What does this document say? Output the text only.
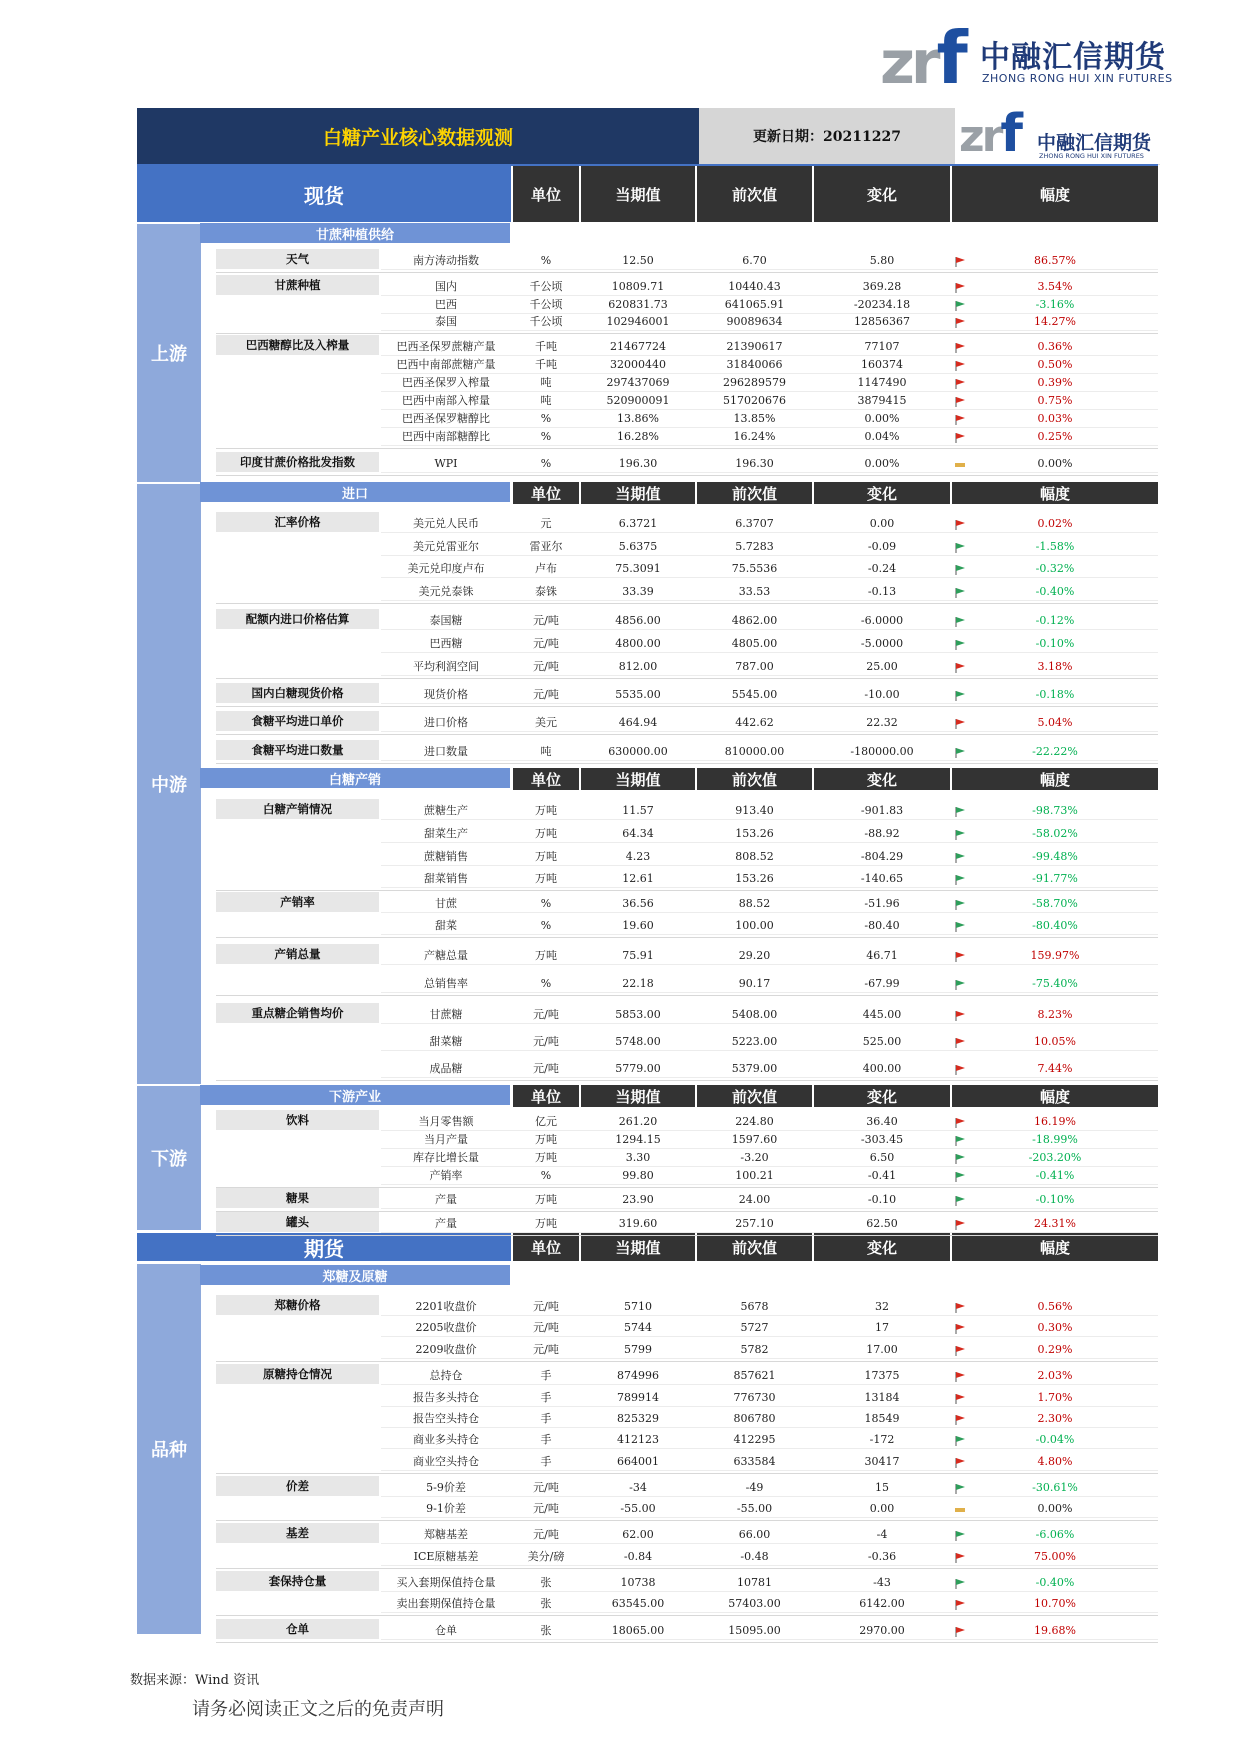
zrf 中融汇信期货
ZHONG RONG HUI XIN FUTURES
白糖产业核心数据观测	更新日期：20211227	zrf 中融汇信期货
ZHONG RONG HUI XIN FUTURES
现货	单位	当期值	前次值	变化	幅度
上游
中游
下游
品种
期货	单位	当期值	前次值	变化	幅度
甘蔗种植供给
进口	单位	当期值	前次值	变化	幅度
白糖产销	单位	当期值	前次值	变化	幅度
下游产业	单位	当期值	前次值	变化	幅度
郑糖及原糖
天气
甘蔗种植
巴西糖醇比及入榨量
印度甘蔗价格批发指数
汇率价格
配额内进口价格估算
国内白糖现货价格
食糖平均进口单价
食糖平均进口数量
白糖产销情况
产销率
产销总量
重点糖企销售均价
饮料
糖果
罐头
郑糖价格
原糖持仓情况
价差
基差
套保持仓量
仓单
南方涛动指数	%	12.50	6.70	5.80	86.57%
国内	千公顷	10809.71	10440.43	369.28	3.54%
巴西	千公顷	620831.73	641065.91	-20234.18	-3.16%
泰国	千公顷	102946001	90089634	12856367	14.27%
巴西圣保罗蔗糖产量	千吨	21467724	21390617	77107	0.36%
巴西中南部蔗糖产量	千吨	32000440	31840066	160374	0.50%
巴西圣保罗入榨量	吨	297437069	296289579	1147490	0.39%
巴西中南部入榨量	吨	520900091	517020676	3879415	0.75%
巴西圣保罗糖醇比	%	13.86%	13.85%	0.00%	0.03%
巴西中南部糖醇比	%	16.28%	16.24%	0.04%	0.25%
WPI	%	196.30	196.30	0.00%	0.00%
美元兑人民币	元	6.3721	6.3707	0.00	0.02%
美元兑雷亚尔	雷亚尔	5.6375	5.7283	-0.09	-1.58%
美元兑印度卢布	卢布	75.3091	75.5536	-0.24	-0.32%
美元兑泰铢	泰铢	33.39	33.53	-0.13	-0.40%
泰国糖	元/吨	4856.00	4862.00	-6.0000	-0.12%
巴西糖	元/吨	4800.00	4805.00	-5.0000	-0.10%
平均利润空间	元/吨	812.00	787.00	25.00	3.18%
现货价格	元/吨	5535.00	5545.00	-10.00	-0.18%
进口价格	美元	464.94	442.62	22.32	5.04%
进口数量	吨	630000.00	810000.00	-180000.00	-22.22%
蔗糖生产	万吨	11.57	913.40	-901.83	-98.73%
甜菜生产	万吨	64.34	153.26	-88.92	-58.02%
蔗糖销售	万吨	4.23	808.52	-804.29	-99.48%
甜菜销售	万吨	12.61	153.26	-140.65	-91.77%
甘蔗	%	36.56	88.52	-51.96	-58.70%
甜菜	%	19.60	100.00	-80.40	-80.40%
产糖总量	万吨	75.91	29.20	46.71	159.97%
总销售率	%	22.18	90.17	-67.99	-75.40%
甘蔗糖	元/吨	5853.00	5408.00	445.00	8.23%
甜菜糖	元/吨	5748.00	5223.00	525.00	10.05%
成品糖	元/吨	5779.00	5379.00	400.00	7.44%
当月零售额	亿元	261.20	224.80	36.40	16.19%
当月产量	万吨	1294.15	1597.60	-303.45	-18.99%
库存比增长量	万吨	3.30	-3.20	6.50	-203.20%
产销率	%	99.80	100.21	-0.41	-0.41%
产量	万吨	23.90	24.00	-0.10	-0.10%
产量	万吨	319.60	257.10	62.50	24.31%
2201收盘价	元/吨	5710	5678	32	0.56%
2205收盘价	元/吨	5744	5727	17	0.30%
2209收盘价	元/吨	5799	5782	17.00	0.29%
总持仓	手	874996	857621	17375	2.03%
报告多头持仓	手	789914	776730	13184	1.70%
报告空头持仓	手	825329	806780	18549	2.30%
商业多头持仓	手	412123	412295	-172	-0.04%
商业空头持仓	手	664001	633584	30417	4.80%
5-9价差	元/吨	-34	-49	15	-30.61%
9-1价差	元/吨	-55.00	-55.00	0.00	0.00%
郑糖基差	元/吨	62.00	66.00	-4	-6.06%
ICE原糖基差	美分/磅	-0.84	-0.48	-0.36	75.00%
买入套期保值持仓量	张	10738	10781	-43	-0.40%
卖出套期保值持仓量	张	63545.00	57403.00	6142.00	10.70%
仓单	张	18065.00	15095.00	2970.00	19.68%
数据来源：Wind 资讯
请务必阅读正文之后的免责声明
